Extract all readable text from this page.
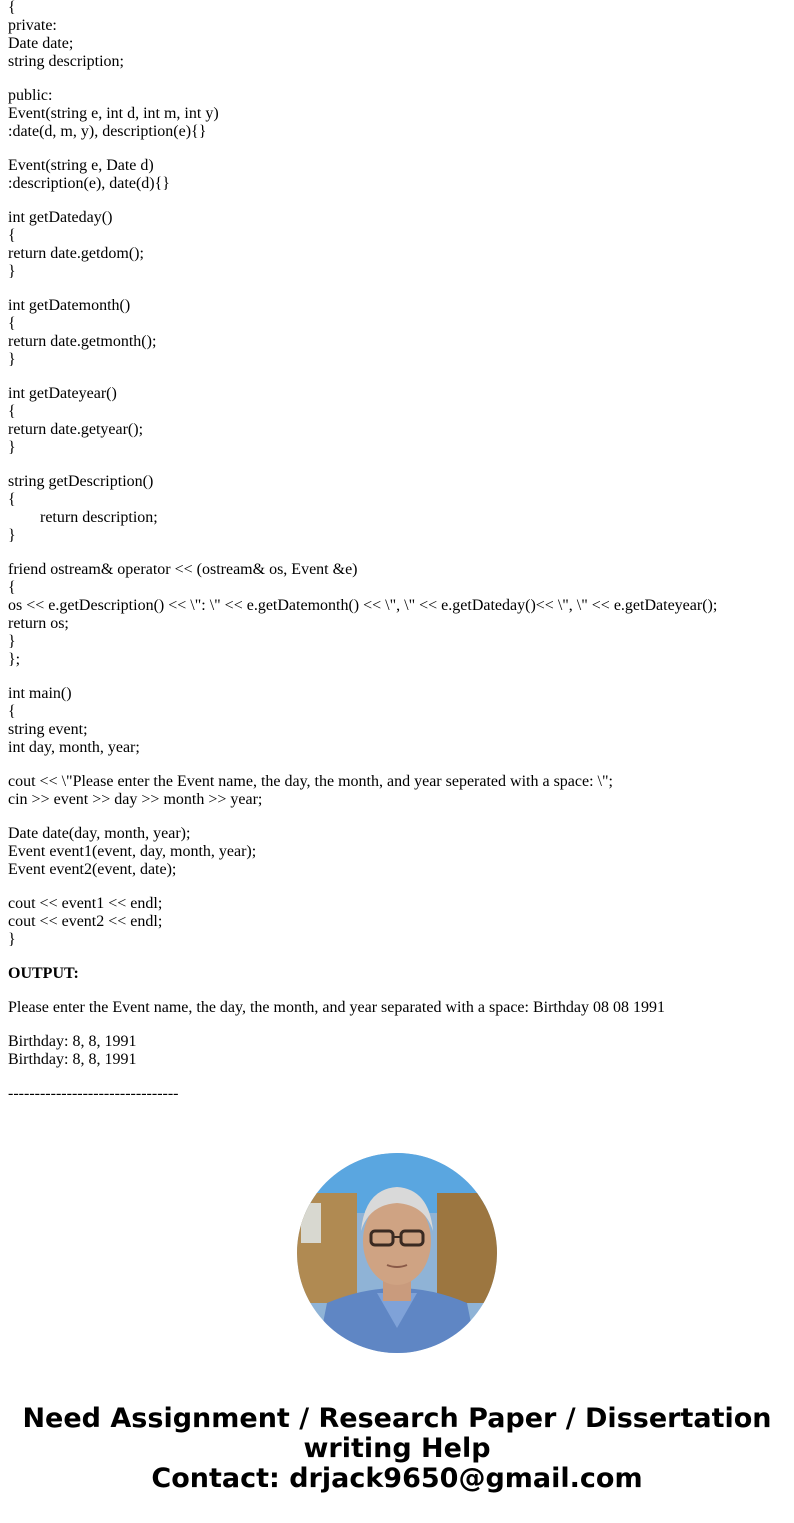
{
private:
Date date;
string description;
public:
Event(string e, int d, int m, int y)
:date(d, m, y), description(e){}
Event(string e, Date d)
:description(e), date(d){}
int getDateday()
{
return date.getdom();
}
int getDatemonth()
{
return date.getmonth();
}
int getDateyear()
{
return date.getyear();
}
string getDescription()
{
return description;
}
friend ostream& operator << (ostream& os, Event &e)
{
os << e.getDescription() << \": \" << e.getDatemonth() << \", \" << e.getDateday()<< \", \" << e.getDateyear();
return os;
}
};
int main()
{
string event;
int day, month, year;
cout << \"Please enter the Event name, the day, the month, and year seperated with a space: \";
cin >> event >> day >> month >> year;
Date date(day, month, year);
Event event1(event, day, month, year);
Event event2(event, date);
cout << event1 << endl;
cout << event2 << endl;
}
OUTPUT:
Please enter the Event name, the day, the month, and year separated with a space: Birthday 08 08 1991
Birthday: 8, 8, 1991
Birthday: 8, 8, 1991
--------------------------------
Need Assignment / Research Paper / Dissertation
writing Help
Contact: drjack9650@gmail.com
